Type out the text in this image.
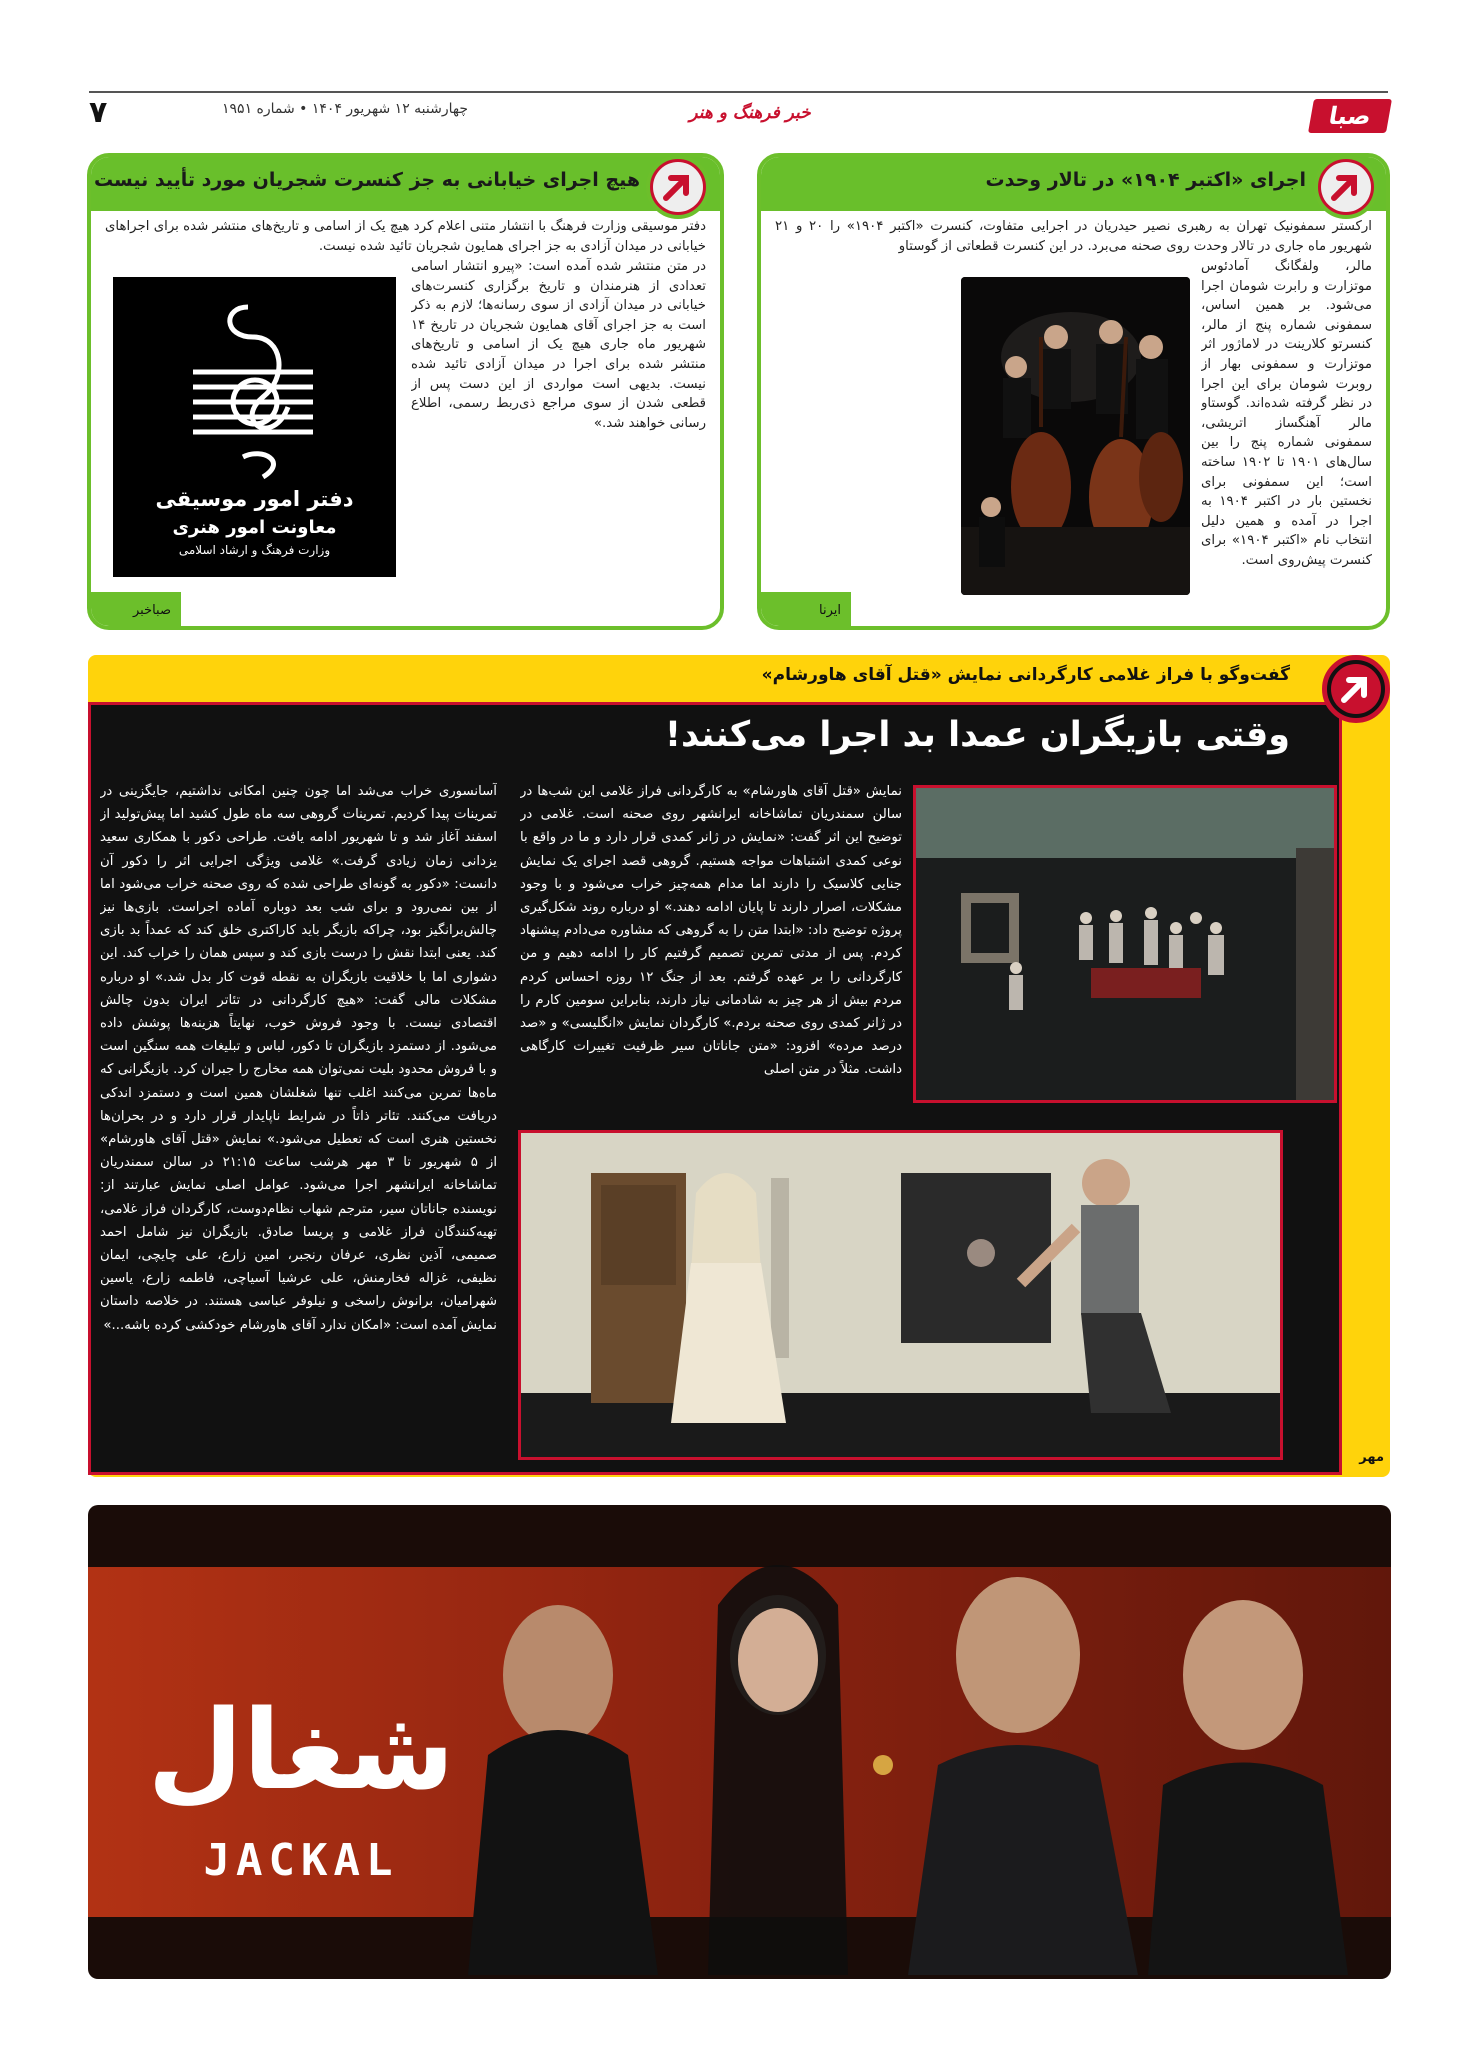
صبا
خبر فرهنگ و هنر
چهارشنبه ۱۲ شهریور ۱۴۰۴ • شماره ۱۹۵۱
۷
هیچ اجرای خیابانی به جز کنسرت شجریان مورد تأیید نیست
دفتر موسیقی وزارت فرهنگ با انتشار متنی اعلام کرد هیچ یک از اسامی و تاریخ‌های منتشر شده برای اجراهای خیابانی در میدان آزادی به جز اجرای همایون شجریان تائید شده نیست.
در متن منتشر شده آمده است: «پیرو انتشار اسامی تعدادی از هنرمندان و تاریخ برگزاری کنسرت‌های خیابانی در میدان آزادی از سوی رسانه‌ها؛ لازم به ذکر است به جز اجرای آقای همایون شجریان در تاریخ ۱۴ شهریور ماه جاری هیچ یک از اسامی و تاریخ‌های منتشر شده برای اجرا در میدان آزادی تائید شده نیست. بدیهی است مواردی از این دست پس از قطعی شدن از سوی مراجع ذی‌ربط رسمی، اطلاع رسانی خواهند شد.»
دفتر امور موسیقی
معاونت امور هنری
وزارت فرهنگ و ارشاد اسلامی
صباخبر
اجرای «اکتبر ۱۹۰۴» در تالار وحدت
ارکستر سمفونیک تهران به رهبری نصیر حیدریان در اجرایی متفاوت، کنسرت «اکتبر ۱۹۰۴» را ۲۰ و ۲۱ شهریور ماه جاری در تالار وحدت روی صحنه می‌برد. در این کنسرت قطعاتی از گوستاو
مالر، ولفگانگ آمادئوس موتزارت و رابرت شومان اجرا می‌شود. بر همین اساس، سمفونی شماره پنج از مالر، کنسرتو کلارینت در لاماژور اثر موتزارت و سمفونی بهار از روبرت شومان برای این اجرا در نظر گرفته شده‌اند. گوستاو مالر آهنگساز اتریشی، سمفونی شماره پنج را بین سال‌های ۱۹۰۱ تا ۱۹۰۲ ساخته است؛ این سمفونی برای نخستین بار در اکتبر ۱۹۰۴ به اجرا در آمده و همین دلیل انتخاب نام «اکتبر ۱۹۰۴» برای کنسرت پیش‌روی است.
ایرنا
گفت‌وگو با فراز غلامی کارگردانی نمایش «قتل آقای هاورشام»
وقتی بازیگران عمدا بد اجرا می‌کنند!
نمایش «قتل آقای هاورشام» به کارگردانی فراز غلامی این شب‌ها در سالن سمندریان تماشاخانه ایرانشهر روی صحنه است. غلامی در توضیح این اثر گفت: «نمایش در ژانر کمدی قرار دارد و ما در واقع با نوعی کمدی اشتباهات مواجه هستیم. گروهی قصد اجرای یک نمایش جنایی کلاسیک را دارند اما مدام همه‌چیز خراب می‌شود و با وجود مشکلات، اصرار دارند تا پایان ادامه دهند.» او درباره روند شکل‌گیری پروژه توضیح داد: «ابتدا متن را به گروهی که مشاوره می‌دادم پیشنهاد کردم. پس از مدتی تمرین تصمیم گرفتیم کار را ادامه دهیم و من کارگردانی را بر عهده گرفتم. بعد از جنگ ۱۲ روزه احساس کردم مردم بیش از هر چیز به شادمانی نیاز دارند، بنابراین سومین کارم را در ژانر کمدی روی صحنه بردم.» کارگردان نمایش «انگلیسی» و «صد درصد مرده» افزود: «متن جاناتان سیر ظرفیت تغییرات کارگاهی داشت. مثلاً در متن اصلی
آسانسوری خراب می‌شد اما چون چنین امکانی نداشتیم، جایگزینی در تمرینات پیدا کردیم. تمرینات گروهی سه ماه طول کشید اما پیش‌تولید از اسفند آغاز شد و تا شهریور ادامه یافت. طراحی دکور با همکاری سعید یزدانی زمان زیادی گرفت.» غلامی ویژگی اجرایی اثر را دکور آن دانست: «دکور به گونه‌ای طراحی شده که روی صحنه خراب می‌شود اما از بین نمی‌رود و برای شب بعد دوباره آماده اجراست. بازی‌ها نیز چالش‌برانگیز بود، چراکه بازیگر باید کاراکتری خلق کند که عمداً بد بازی کند. یعنی ابتدا نقش را درست بازی کند و سپس همان را خراب کند. این دشواری اما با خلاقیت بازیگران به نقطه قوت کار بدل شد.» او درباره مشکلات مالی گفت: «هیچ کارگردانی در تئاتر ایران بدون چالش اقتصادی نیست. با وجود فروش خوب، نهایتاً هزینه‌ها پوشش داده می‌شود. از دستمزد بازیگران تا دکور، لباس و تبلیغات همه سنگین است و با فروش محدود بلیت نمی‌توان همه مخارج را جبران کرد. بازیگرانی که ماه‌ها تمرین می‌کنند اغلب تنها شغلشان همین است و دستمزد اندکی دریافت می‌کنند. تئاتر ذاتاً در شرایط ناپایدار قرار دارد و در بحران‌ها نخستین هنری است که تعطیل می‌شود.» نمایش «قتل آقای هاورشام» از ۵ شهریور تا ۳ مهر هرشب ساعت ۲۱:۱۵ در سالن سمندریان تماشاخانه ایرانشهر اجرا می‌شود. عوامل اصلی نمایش عبارتند از: نویسنده جاناتان سیر، مترجم شهاب نظام‌دوست، کارگردان فراز غلامی، تهیه‌کنندگان فراز غلامی و پریسا صادق. بازیگران نیز شامل احمد صمیمی، آذین نظری، عرفان رنجبر، امین زارع، علی چایچی، ایمان نظیفی، غزاله فخارمنش، علی عرشیا آسیاچی، فاطمه زارع، یاسین شهرامیان، برانوش راسخی و نیلوفر عباسی هستند. در خلاصه داستان نمایش آمده است: «امکان ندارد آقای هاورشام خودکشی کرده باشه...»
مهر
شغال
JACKAL
